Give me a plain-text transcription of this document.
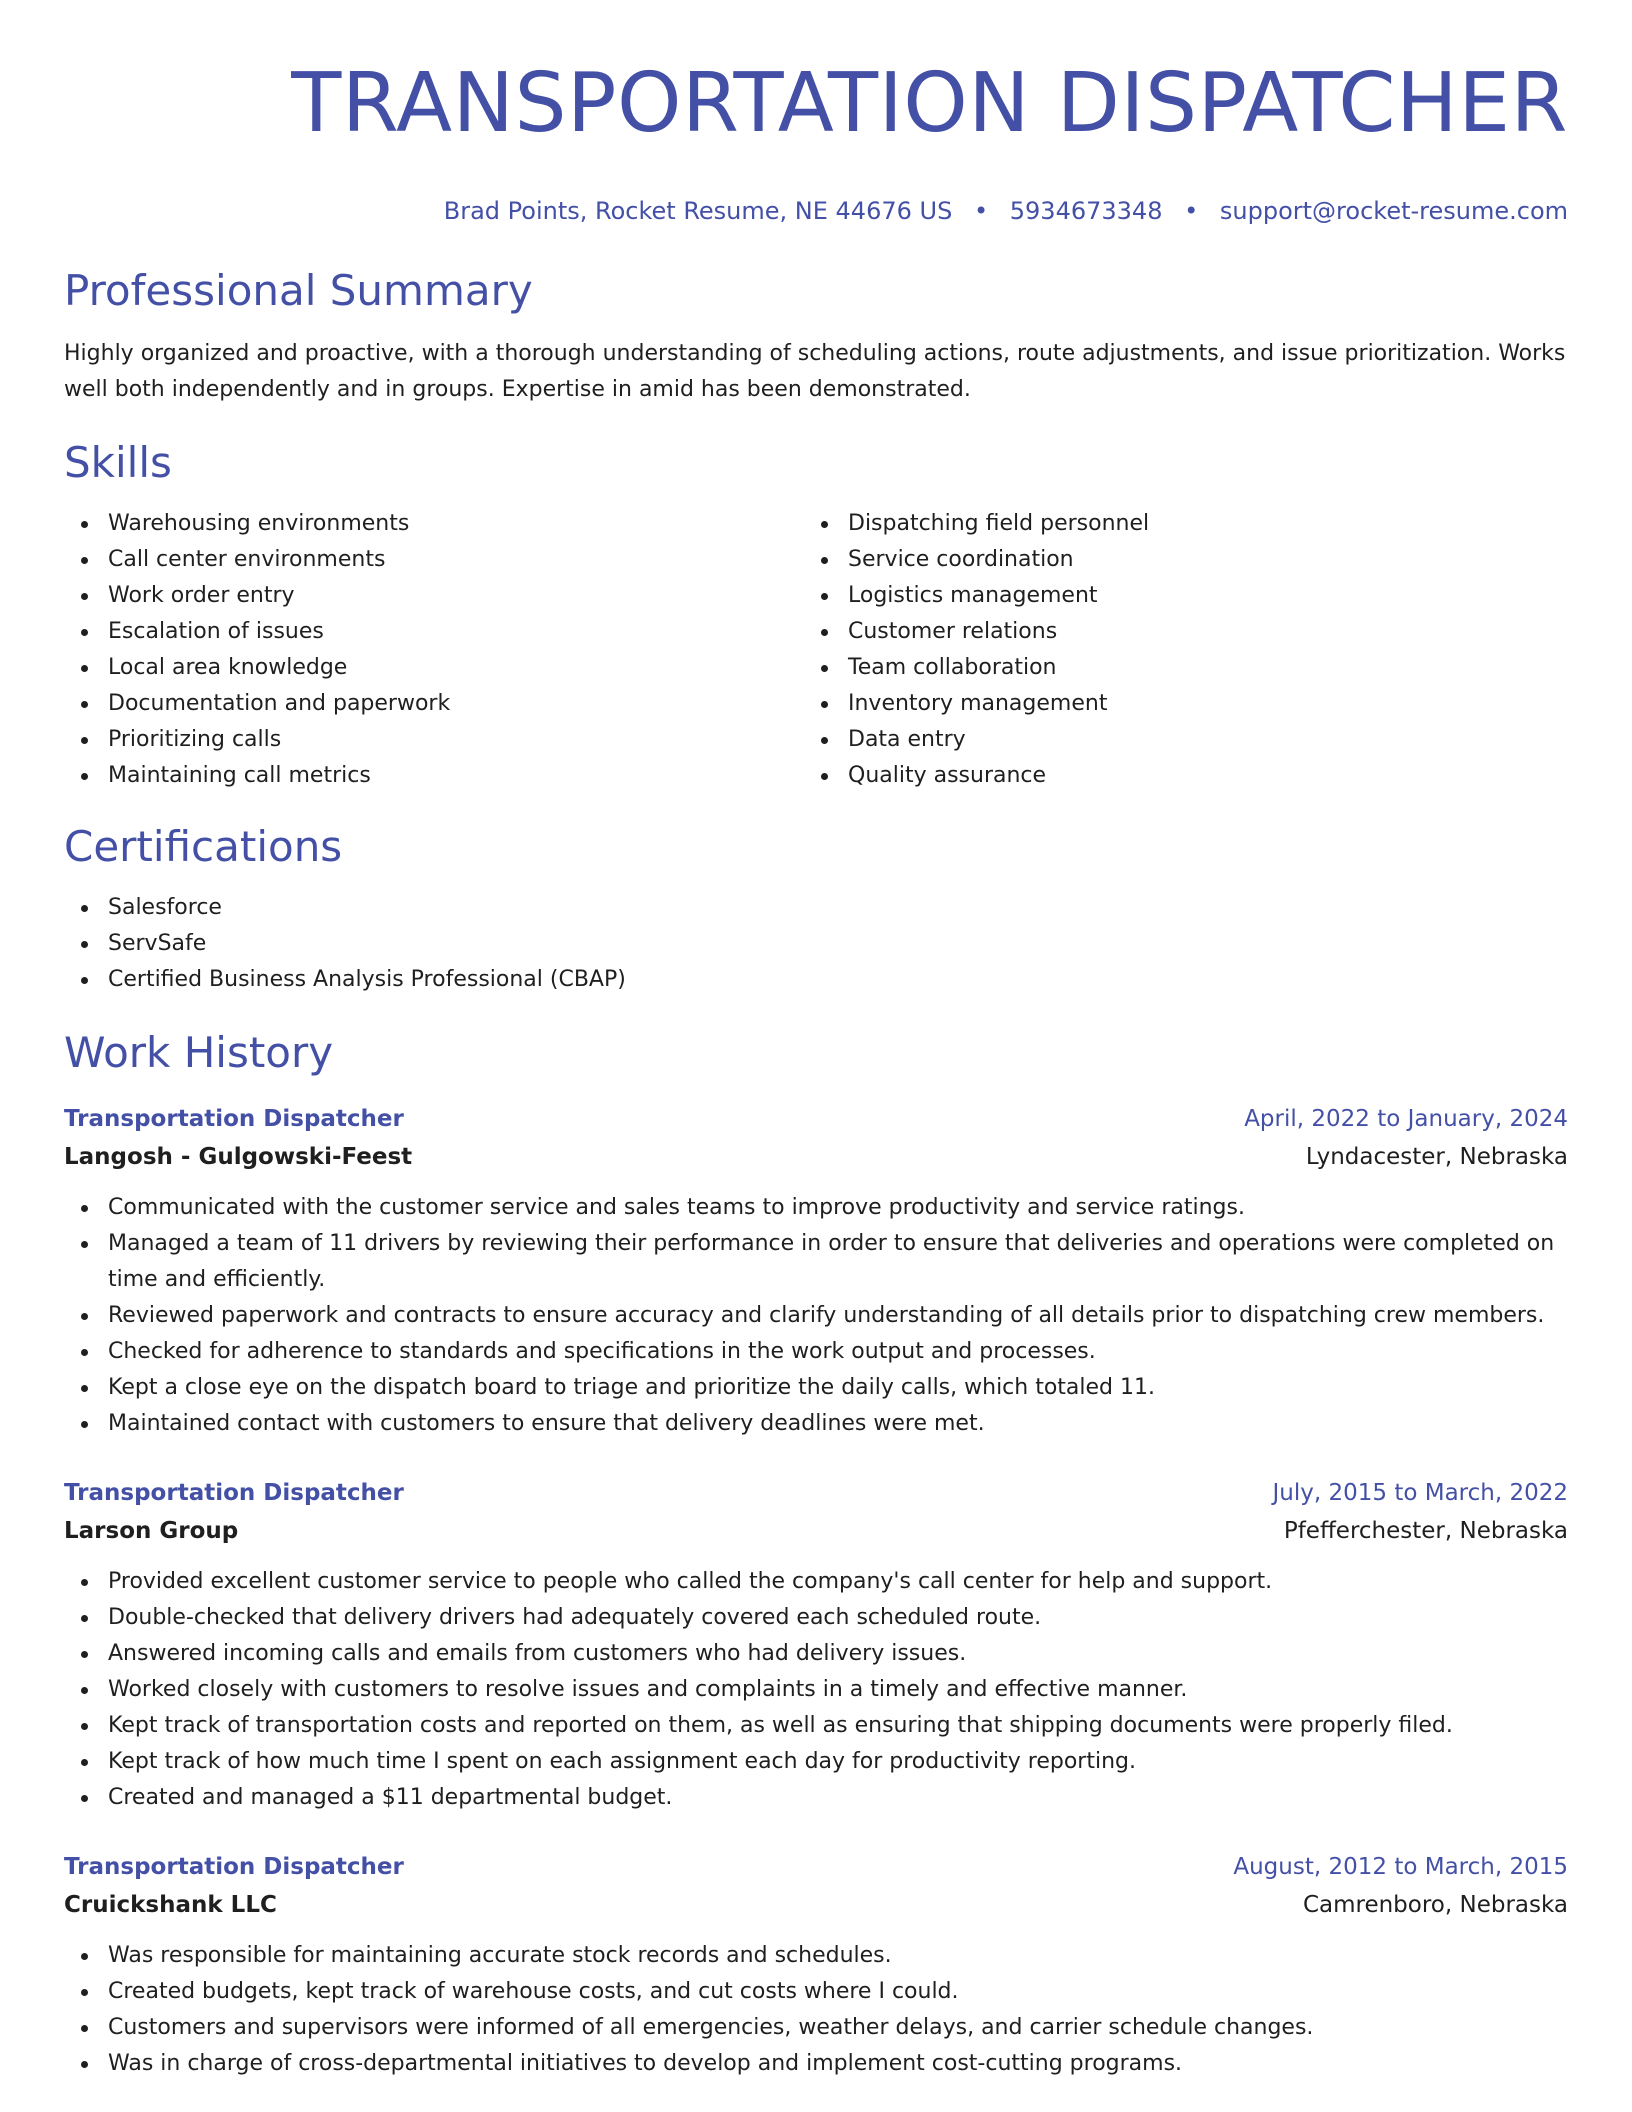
TRANSPORTATION DISPATCHER
Brad Points, Rocket Resume, NE 44676 US • 5934673348 • support@rocket-resume.com
Professional Summary
Highly organized and proactive, with a thorough understanding of scheduling actions, route adjustments, and issue prioritization. Works well both independently and in groups. Expertise in amid has been demonstrated.
Skills
Warehousing environments
Call center environments
Work order entry
Escalation of issues
Local area knowledge
Documentation and paperwork
Prioritizing calls
Maintaining call metrics
Dispatching field personnel
Service coordination
Logistics management
Customer relations
Team collaboration
Inventory management
Data entry
Quality assurance
Certifications
Salesforce
ServSafe
Certified Business Analysis Professional (CBAP)
Work History
Transportation Dispatcher	April, 2022 to January, 2024
Langosh - Gulgowski-Feest	Lyndacester, Nebraska
Communicated with the customer service and sales teams to improve productivity and service ratings.
Managed a team of 11 drivers by reviewing their performance in order to ensure that deliveries and operations were completed on time and efficiently.
Reviewed paperwork and contracts to ensure accuracy and clarify understanding of all details prior to dispatching crew members.
Checked for adherence to standards and specifications in the work output and processes.
Kept a close eye on the dispatch board to triage and prioritize the daily calls, which totaled 11.
Maintained contact with customers to ensure that delivery deadlines were met.
Transportation Dispatcher	July, 2015 to March, 2022
Larson Group	Pfefferchester, Nebraska
Provided excellent customer service to people who called the company's call center for help and support.
Double-checked that delivery drivers had adequately covered each scheduled route.
Answered incoming calls and emails from customers who had delivery issues.
Worked closely with customers to resolve issues and complaints in a timely and effective manner.
Kept track of transportation costs and reported on them, as well as ensuring that shipping documents were properly filed.
Kept track of how much time I spent on each assignment each day for productivity reporting.
Created and managed a $11 departmental budget.
Transportation Dispatcher	August, 2012 to March, 2015
Cruickshank LLC	Camrenboro, Nebraska
Was responsible for maintaining accurate stock records and schedules.
Created budgets, kept track of warehouse costs, and cut costs where I could.
Customers and supervisors were informed of all emergencies, weather delays, and carrier schedule changes.
Was in charge of cross-departmental initiatives to develop and implement cost-cutting programs.
